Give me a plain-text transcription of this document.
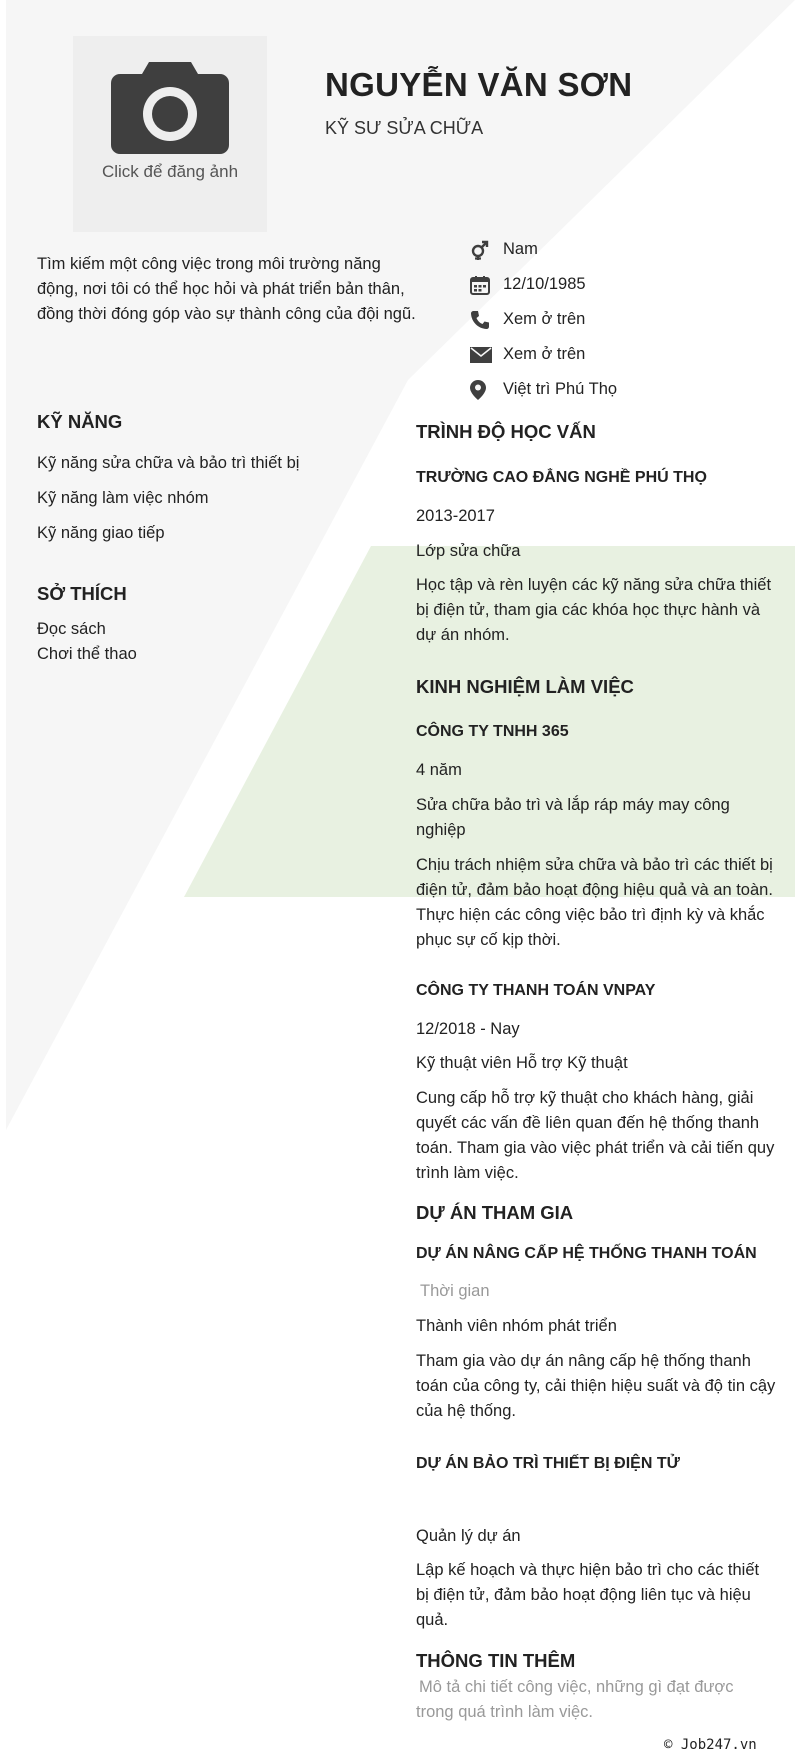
Click để đăng ảnh
NGUYỄN VĂN SƠN
KỸ SƯ SỬA CHỮA
Tìm kiếm một công việc trong môi trường năng động, nơi tôi có thể học hỏi và phát triển bản thân, đồng thời đóng góp vào sự thành công của đội ngũ.
Nam
12/10/1985
Xem ở trên
Xem ở trên
Việt trì Phú Thọ
KỸ NĂNG
Kỹ năng sửa chữa và bảo trì thiết bị
Kỹ năng làm việc nhóm
Kỹ năng giao tiếp
SỞ THÍCH
Đọc sách
Chơi thể thao
TRÌNH ĐỘ HỌC VẤN
TRƯỜNG CAO ĐẲNG NGHỀ PHÚ THỌ
2013-2017
Lớp sửa chữa
Học tập và rèn luyện các kỹ năng sửa chữa thiết bị điện tử, tham gia các khóa học thực hành và dự án nhóm.
KINH NGHIỆM LÀM VIỆC
CÔNG TY TNHH 365
4 năm
Sửa chữa bảo trì và lắp ráp máy may công nghiệp
Chịu trách nhiệm sửa chữa và bảo trì các thiết bị điện tử, đảm bảo hoạt động hiệu quả và an toàn. Thực hiện các công việc bảo trì định kỳ và khắc phục sự cố kịp thời.
CÔNG TY THANH TOÁN VNPAY
12/2018 - Nay
Kỹ thuật viên Hỗ trợ Kỹ thuật
Cung cấp hỗ trợ kỹ thuật cho khách hàng, giải quyết các vấn đề liên quan đến hệ thống thanh toán. Tham gia vào việc phát triển và cải tiến quy trình làm việc.
DỰ ÁN THAM GIA
DỰ ÁN NÂNG CẤP HỆ THỐNG THANH TOÁN
Thời gian
Thành viên nhóm phát triển
Tham gia vào dự án nâng cấp hệ thống thanh toán của công ty, cải thiện hiệu suất và độ tin cậy của hệ thống.
DỰ ÁN BẢO TRÌ THIẾT BỊ ĐIỆN TỬ
Quản lý dự án
Lập kế hoạch và thực hiện bảo trì cho các thiết bị điện tử, đảm bảo hoạt động liên tục và hiệu quả.
THÔNG TIN THÊM
Mô tả chi tiết công việc, những gì đạt được trong quá trình làm việc.
© Job247.vn
